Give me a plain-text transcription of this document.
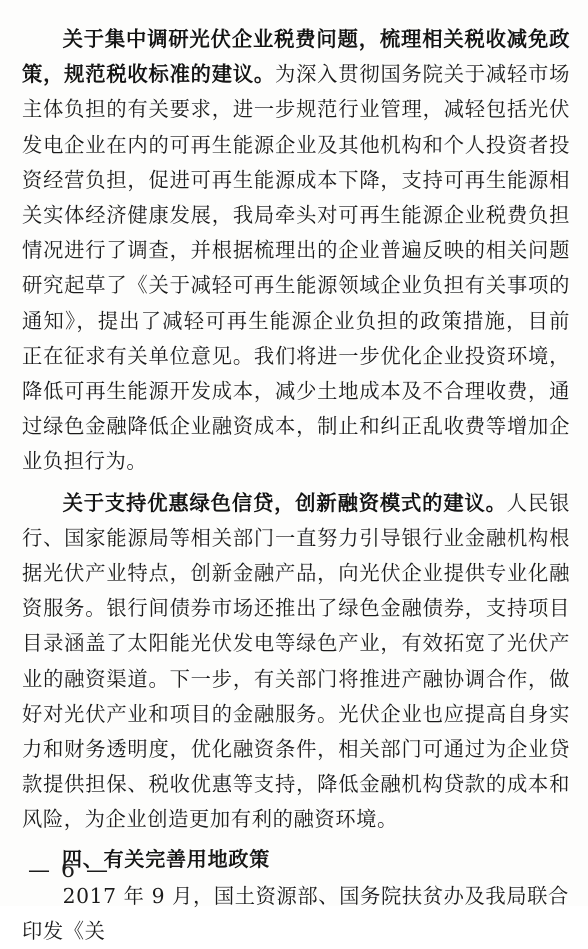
关于集中调研光伏企业税费问题，梳理相关税收减免政策，规范税收标准的建议。为深入贯彻国务院关于减轻市场主体负担的有关要求，进一步规范行业管理，减轻包括光伏发电企业在内的可再生能源企业及其他机构和个人投资者投资经营负担，促进可再生能源成本下降，支持可再生能源相关实体经济健康发展，我局牵头对可再生能源企业税费负担情况进行了调查，并根据梳理出的企业普遍反映的相关问题研究起草了《关于减轻可再生能源领域企业负担有关事项的通知》，提出了减轻可再生能源企业负担的政策措施，目前正在征求有关单位意见。我们将进一步优化企业投资环境，降低可再生能源开发成本，减少土地成本及不合理收费，通过绿色金融降低企业融资成本，制止和纠正乱收费等增加企业负担行为。

关于支持优惠绿色信贷，创新融资模式的建议。人民银行、国家能源局等相关部门一直努力引导银行业金融机构根据光伏产业特点，创新金融产品，向光伏企业提供专业化融资服务。银行间债券市场还推出了绿色金融债券，支持项目目录涵盖了太阳能光伏发电等绿色产业，有效拓宽了光伏产业的融资渠道。下一步，有关部门将推进产融协调合作，做好对光伏产业和项目的金融服务。光伏企业也应提高自身实力和财务透明度，优化融资条件，相关部门可通过为企业贷款提供担保、税收优惠等支持，降低金融机构贷款的成本和风险，为企业创造更加有利的融资环境。

四、有关完善用地政策

2017 年 9 月，国土资源部、国务院扶贫办及我局联合印发《关

— 6 —
